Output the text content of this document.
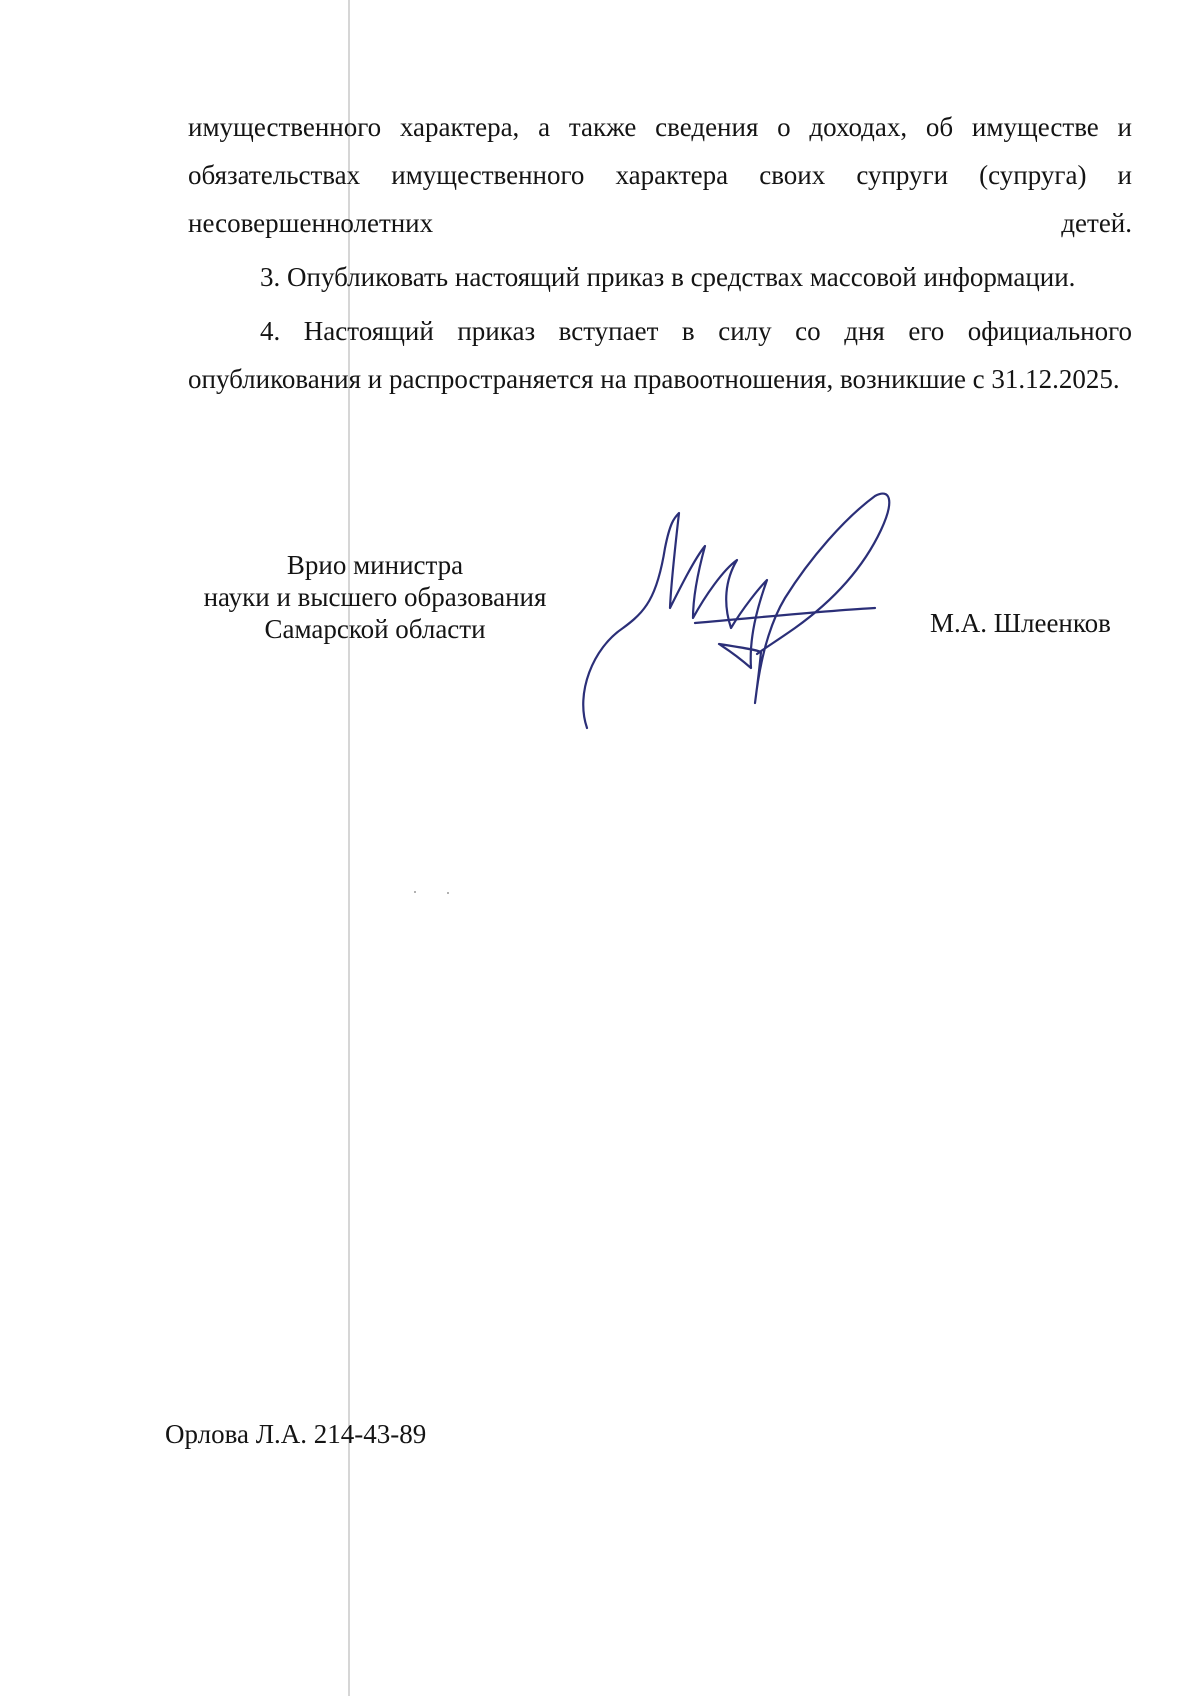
имущественного характера, а также сведения о доходах, об имуществе и обязательствах имущественного характера своих супруги (супруга) и несовершеннолетних детей.

3. Опубликовать настоящий приказ в средствах массовой информации.

4. Настоящий приказ вступает в силу со дня его официального опубликования и распространяется на правоотношения, возникшие с 31.12.2025.

Врио министра
науки и высшего образования
Самарской области	М.А. Шлеенков
Орлова Л.А. 214-43-89
